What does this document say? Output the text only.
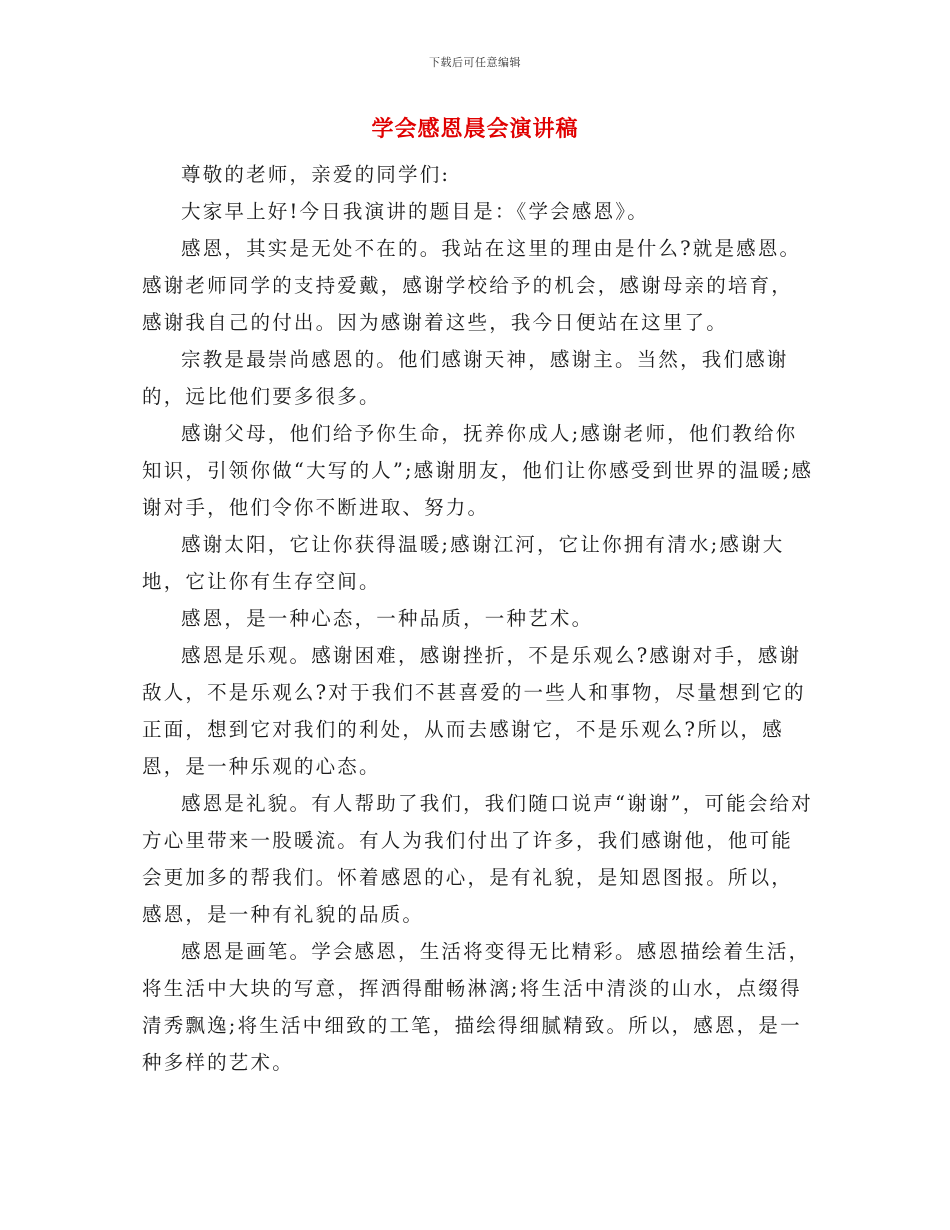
下载后可任意编辑
学会感恩晨会演讲稿

尊敬的老师，亲爱的同学们:

大家早上好!今日我演讲的题目是：《学会感恩》。

感恩，其实是无处不在的。我站在这里的理由是什么?就是感恩。感谢老师同学的支持爱戴，感谢学校给予的机会，感谢母亲的培育，感谢我自己的付出。因为感谢着这些，我今日便站在这里了。

宗教是最崇尚感恩的。他们感谢天神，感谢主。当然，我们感谢的，远比他们要多很多。

感谢父母，他们给予你生命，抚养你成人;感谢老师，他们教给你知识，引领你做“大写的人”;感谢朋友，他们让你感受到世界的温暖;感谢对手，他们令你不断进取、努力。

感谢太阳，它让你获得温暖;感谢江河，它让你拥有清水;感谢大地，它让你有生存空间。

感恩，是一种心态，一种品质，一种艺术。

感恩是乐观。感谢困难，感谢挫折，不是乐观么?感谢对手，感谢敌人，不是乐观么?对于我们不甚喜爱的一些人和事物，尽量想到它的正面，想到它对我们的利处，从而去感谢它，不是乐观么?所以，感恩，是一种乐观的心态。

感恩是礼貌。有人帮助了我们，我们随口说声“谢谢”，可能会给对方心里带来一股暖流。有人为我们付出了许多，我们感谢他，他可能会更加多的帮我们。怀着感恩的心，是有礼貌，是知恩图报。所以，感恩，是一种有礼貌的品质。

感恩是画笔。学会感恩，生活将变得无比精彩。感恩描绘着生活，将生活中大块的写意，挥洒得酣畅淋漓;将生活中清淡的山水，点缀得清秀飘逸;将生活中细致的工笔，描绘得细腻精致。所以，感恩，是一种多样的艺术。
